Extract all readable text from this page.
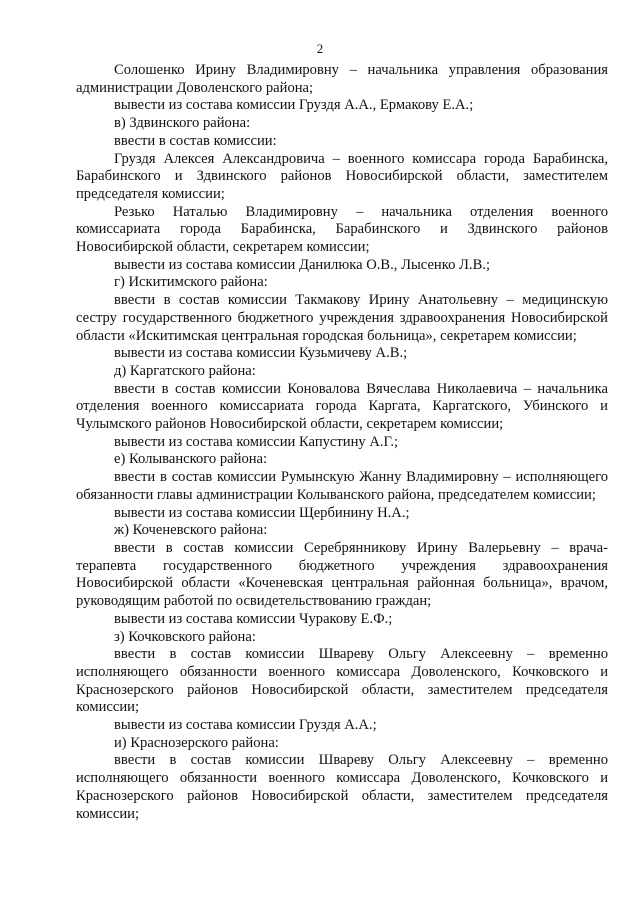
2

Солошенко Ирину Владимировну – начальника управления образования администрации Доволенского района;

вывести из состава комиссии Груздя А.А., Ермакову Е.А.;

в) Здвинского района:

ввести в состав комиссии:

Груздя Алексея Александровича – военного комиссара города Барабинска, Барабинского и Здвинского районов Новосибирской области, заместителем председателя комиссии;

Резько Наталью Владимировну – начальника отделения военного комиссариата города Барабинска, Барабинского и Здвинского районов Новосибирской области, секретарем комиссии;

вывести из состава комиссии Данилюка О.В., Лысенко Л.В.;

г) Искитимского района:

ввести в состав комиссии Такмакову Ирину Анатольевну – медицинскую сестру государственного бюджетного учреждения здравоохранения Новосибирской области «Искитимская центральная городская больница», секретарем комиссии;

вывести из состава комиссии Кузьмичеву А.В.;

д) Каргатского района:

ввести в состав комиссии Коновалова Вячеслава Николаевича – начальника отделения военного комиссариата города Каргата, Каргатского, Убинского и Чулымского районов Новосибирской области, секретарем комиссии;

вывести из состава комиссии Капустину А.Г.;

е) Колыванского района:

ввести в состав комиссии Румынскую Жанну Владимировну – исполняющего обязанности главы администрации Колыванского района, председателем комиссии;

вывести из состава комиссии Щербинину Н.А.;

ж) Коченевского района:

ввести в состав комиссии Серебрянникову Ирину Валерьевну – врача-терапевта государственного бюджетного учреждения здравоохранения Новосибирской области «Коченевская центральная районная больница», врачом, руководящим работой по освидетельствованию граждан;

вывести из состава комиссии Чуракову Е.Ф.;

з) Кочковского района:

ввести в состав комиссии Швареву Ольгу Алексеевну – временно исполняющего обязанности военного комиссара Доволенского, Кочковского и Краснозерского районов Новосибирской области, заместителем председателя комиссии;

вывести из состава комиссии Груздя А.А.;

и) Краснозерского района:

ввести в состав комиссии Швареву Ольгу Алексеевну – временно исполняющего обязанности военного комиссара Доволенского, Кочковского и Краснозерского районов Новосибирской области, заместителем председателя комиссии;
